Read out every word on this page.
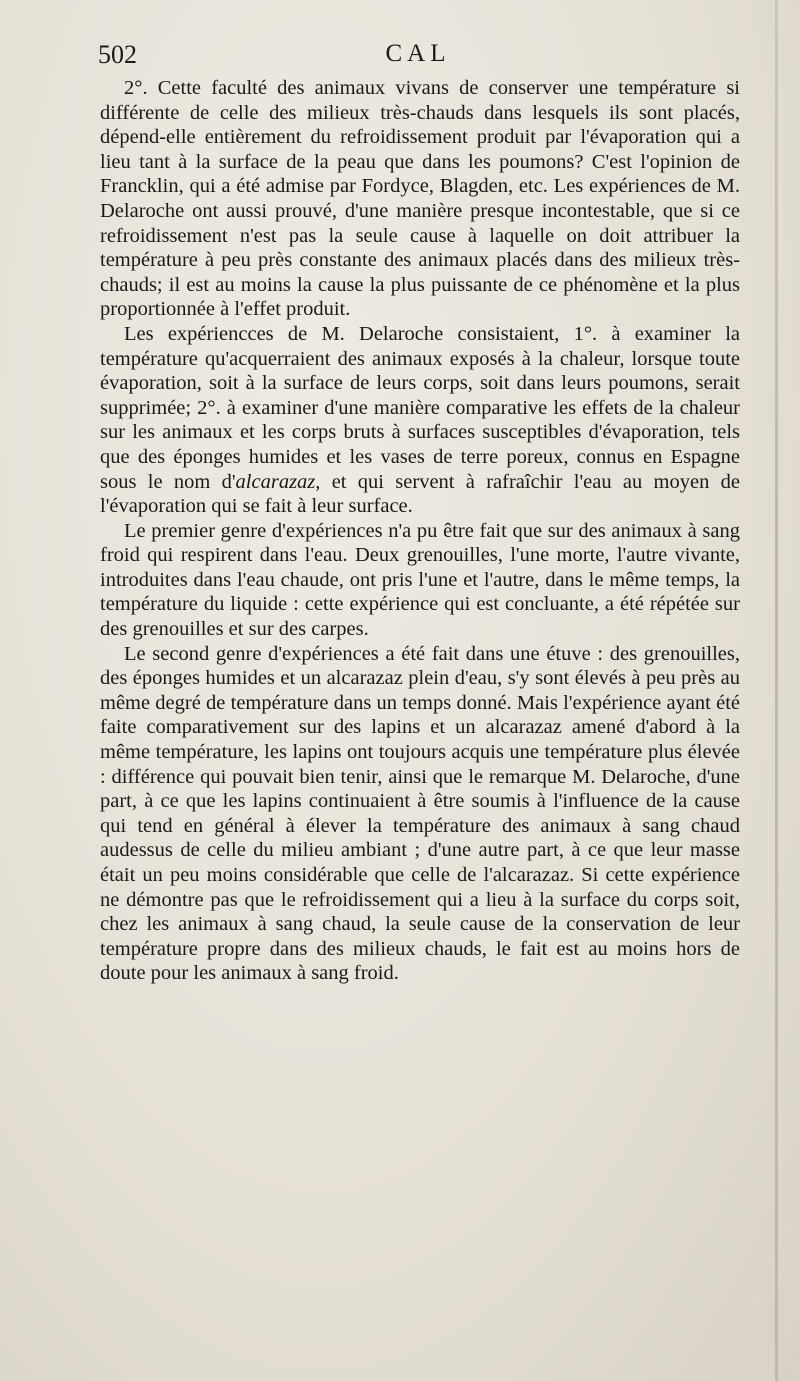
502	CAL

2°. Cette faculté des animaux vivans de conserver une température si différente de celle des milieux très-chauds dans lesquels ils sont placés, dépend-elle entièrement du refroidissement produit par l'évaporation qui a lieu tant à la surface de la peau que dans les poumons? C'est l'opinion de Francklin, qui a été admise par Fordyce, Blagden, etc. Les expériences de M. Delaroche ont aussi prouvé, d'une manière presque incontestable, que si ce refroidissement n'est pas la seule cause à laquelle on doit attribuer la température à peu près constante des animaux placés dans des milieux très-chauds; il est au moins la cause la plus puissante de ce phénomène et la plus proportionnée à l'effet produit.

Les expériencces de M. Delaroche consistaient, 1°. à examiner la température qu'acquerraient des animaux exposés à la chaleur, lorsque toute évaporation, soit à la surface de leurs corps, soit dans leurs poumons, serait supprimée; 2°. à examiner d'une manière comparative les effets de la chaleur sur les animaux et les corps bruts à surfaces susceptibles d'évaporation, tels que des éponges humides et les vases de terre poreux, connus en Espagne sous le nom d'alcarazaz, et qui servent à rafraîchir l'eau au moyen de l'évaporation qui se fait à leur surface.

Le premier genre d'expériences n'a pu être fait que sur des animaux à sang froid qui respirent dans l'eau. Deux grenouilles, l'une morte, l'autre vivante, introduites dans l'eau chaude, ont pris l'une et l'autre, dans le même temps, la température du liquide : cette expérience qui est concluante, a été répétée sur des grenouilles et sur des carpes.

Le second genre d'expériences a été fait dans une étuve : des grenouilles, des éponges humides et un alcarazaz plein d'eau, s'y sont élevés à peu près au même degré de température dans un temps donné. Mais l'expérience ayant été faite comparativement sur des lapins et un alcarazaz amené d'abord à la même température, les lapins ont toujours acquis une température plus élevée : différence qui pouvait bien tenir, ainsi que le remarque M. Delaroche, d'une part, à ce que les lapins continuaient à être soumis à l'influence de la cause qui tend en général à élever la température des animaux à sang chaud audessus de celle du milieu ambiant ; d'une autre part, à ce que leur masse était un peu moins considérable que celle de l'alcarazaz. Si cette expérience ne démontre pas que le refroidissement qui a lieu à la surface du corps soit, chez les animaux à sang chaud, la seule cause de la conservation de leur température propre dans des milieux chauds, le fait est au moins hors de doute pour les animaux à sang froid.
